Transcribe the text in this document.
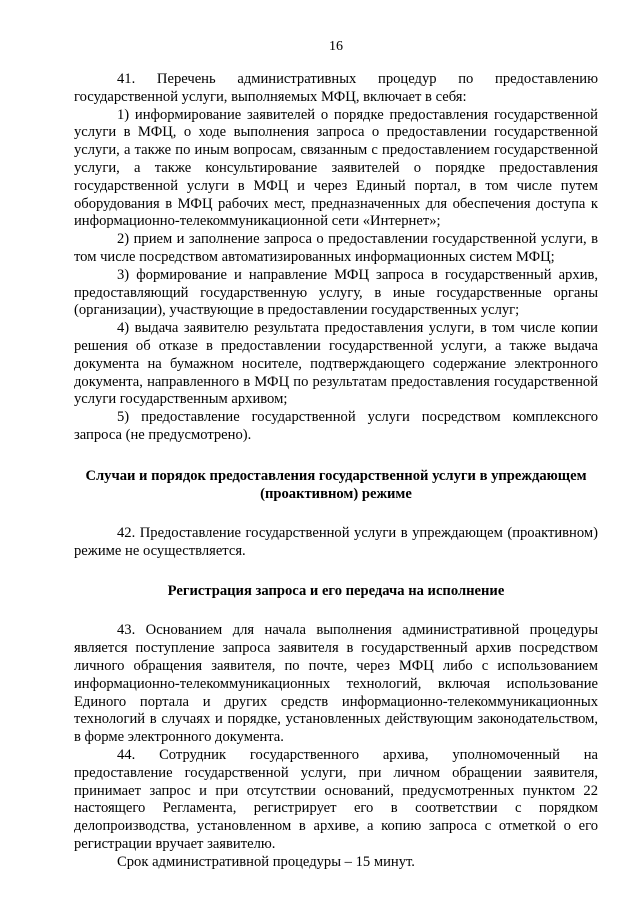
16

41. Перечень административных процедур по предоставлению государственной услуги, выполняемых МФЦ, включает в себя:

1) информирование заявителей о порядке предоставления государственной услуги в МФЦ, о ходе выполнения запроса о предоставлении государственной услуги, а также по иным вопросам, связанным с предоставлением государственной услуги, а также консультирование заявителей о порядке предоставления государственной услуги в МФЦ и через Единый портал, в том числе путем оборудования в МФЦ рабочих мест, предназначенных для обеспечения доступа к информационно-телекоммуникационной сети «Интернет»;

2) прием и заполнение запроса о предоставлении государственной услуги, в том числе посредством автоматизированных информационных систем МФЦ;

3) формирование и направление МФЦ запроса в государственный архив, предоставляющий государственную услугу, в иные государственные органы (организации), участвующие в предоставлении государственных услуг;

4) выдача заявителю результата предоставления услуги, в том числе копии решения об отказе в предоставлении государственной услуги, а также выдача документа на бумажном носителе, подтверждающего содержание электронного документа, направленного в МФЦ по результатам предоставления государственной услуги государственным архивом;

5) предоставление государственной услуги посредством комплексного запроса (не предусмотрено).

Случаи и порядок предоставления государственной услуги в упреждающем (проактивном) режиме

42. Предоставление государственной услуги в упреждающем (проактивном) режиме не осуществляется.

Регистрация запроса и его передача на исполнение

43. Основанием для начала выполнения административной процедуры является поступление запроса заявителя в государственный архив посредством личного обращения заявителя, по почте, через МФЦ либо с использованием информационно-телекоммуникационных технологий, включая использование Единого портала и других средств информационно-телекоммуникационных технологий в случаях и порядке, установленных действующим законодательством, в форме электронного документа.

44. Сотрудник государственного архива, уполномоченный на предоставление государственной услуги, при личном обращении заявителя, принимает запрос и при отсутствии оснований, предусмотренных пунктом 22 настоящего Регламента, регистрирует его в соответствии с порядком делопроизводства, установленном в архиве, а копию запроса с отметкой о его регистрации вручает заявителю.

Срок административной процедуры – 15 минут.
